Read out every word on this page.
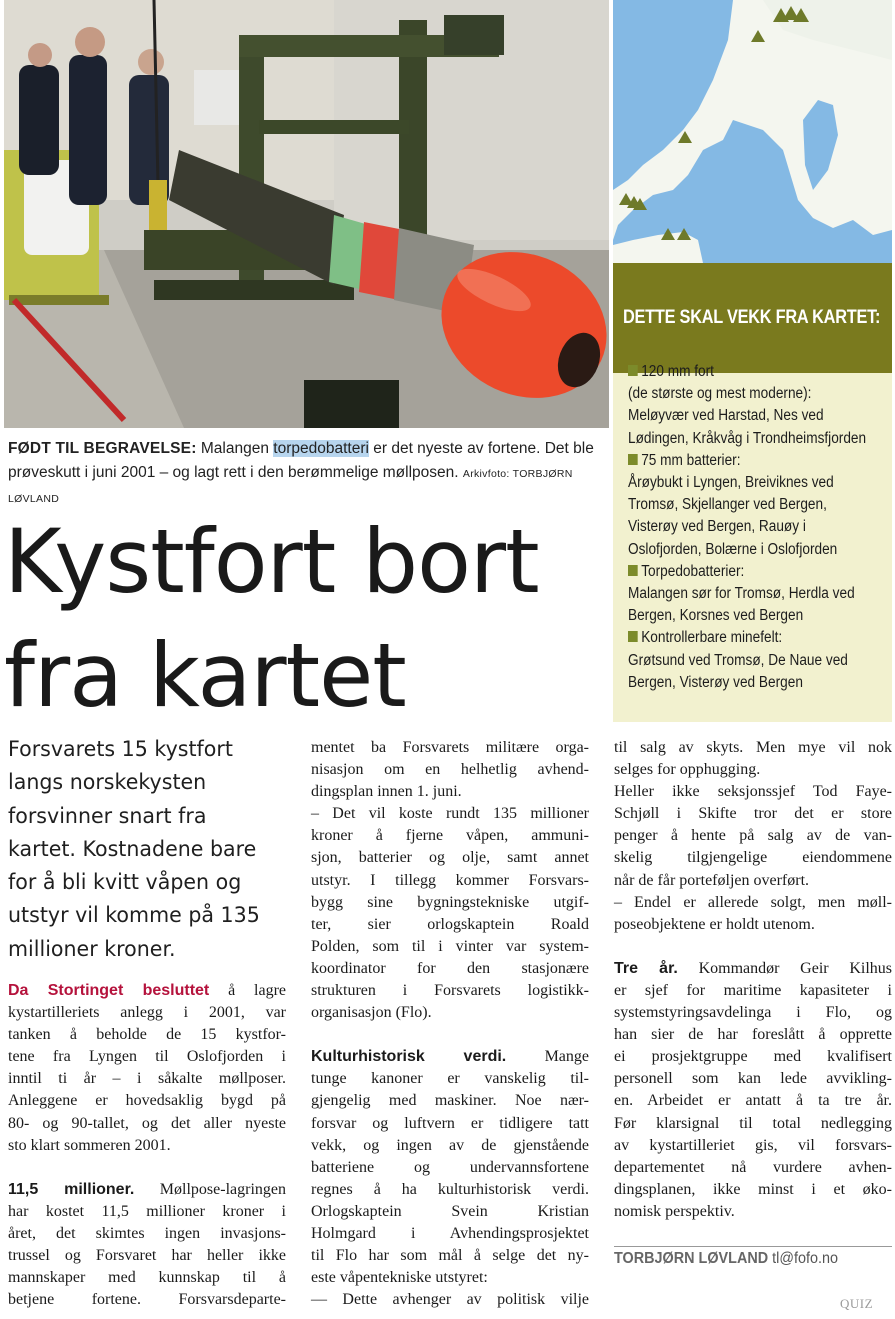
DETTE SKAL VEKK FRA KARTET:
120 mm fort
(de største og mest moderne):
Meløyvær ved Harstad, Nes ved
Lødingen, Kråkvåg i Trondheimsfjorden
75 mm batterier:
Årøybukt i Lyngen, Breiviknes ved
Tromsø, Skjellanger ved Bergen,
Visterøy ved Bergen, Rauøy i
Oslofjorden, Bolærne i Oslofjorden
Torpedobatterier:
Malangen sør for Tromsø, Herdla ved
Bergen, Korsnes ved Bergen
Kontrollerbare minefelt:
Grøtsund ved Tromsø, De Naue ved
Bergen, Visterøy ved Bergen
FØDT TIL BEGRAVELSE: Malangen torpedobatteri er det nyeste av fortene. Det ble prøveskutt i juni 2001 – og lagt rett i den berømmelige møllposen. Arkivfoto: TORBJØRN LØVLAND
Kystfort bort
fra kartet
Forsvarets 15 kystfort
langs norskekysten
forsvinner snart fra
kartet. Kostnadene bare
for å bli kvitt våpen og
utstyr vil komme på 135
millioner kroner.
Da Stortinget besluttet å lagre
kystartilleriets anlegg i 2001, var
tanken å beholde de 15 kystfor-
tene fra Lyngen til Oslofjorden i
inntil ti år – i såkalte møllposer.
Anleggene er hovedsaklig bygd på
80- og 90-tallet, og det aller nyeste
sto klart sommeren 2001.
11,5 millioner. Møllpose-lagringen
har kostet 11,5 millioner kroner i
året, det skimtes ingen invasjons-
trussel og Forsvaret har heller ikke
mannskaper med kunnskap til å
betjene fortene. Forsvarsdeparte-
mentet ba Forsvarets militære orga-
nisasjon om en helhetlig avhend-
dingsplan innen 1. juni.
– Det vil koste rundt 135 millioner
kroner å fjerne våpen, ammuni-
sjon, batterier og olje, samt annet
utstyr. I tillegg kommer Forsvars-
bygg sine bygningstekniske utgif-
ter, sier orlogskaptein Roald
Polden, som til i vinter var system-
koordinator for den stasjonære
strukturen i Forsvarets logistikk-
organisasjon (Flo).
Kulturhistorisk verdi. Mange
tunge kanoner er vanskelig til-
gjengelig med maskiner. Noe nær-
forsvar og luftvern er tidligere tatt
vekk, og ingen av de gjenstående
batteriene og undervannsfortene
regnes å ha kulturhistorisk verdi.
Orlogskaptein Svein Kristian
Holmgard i Avhendingsprosjektet
til Flo har som mål å selge det ny-
este våpentekniske utstyret:
— Dette avhenger av politisk vilje
til salg av skyts. Men mye vil nok
selges for opphugging.
Heller ikke seksjonssjef Tod Faye-
Schjøll i Skifte tror det er store
penger å hente på salg av de van-
skelig tilgjengelige eiendommene
når de får porteføljen overført.
– Endel er allerede solgt, men møll-
poseobjektene er holdt utenom.
Tre år. Kommandør Geir Kilhus
er sjef for maritime kapasiteter i
systemstyringsavdelinga i Flo, og
han sier de har foreslått å opprette
ei prosjektgruppe med kvalifisert
personell som kan lede avvikling-
en. Arbeidet er antatt å ta tre år.
Før klarsignal til total nedlegging
av kystartilleriet gis, vil forsvars-
departementet nå vurdere avhen-
dingsplanen, ikke minst i et øko-
nomisk perspektiv.
TORBJØRN LØVLAND tl@fofo.no
QUIZ
